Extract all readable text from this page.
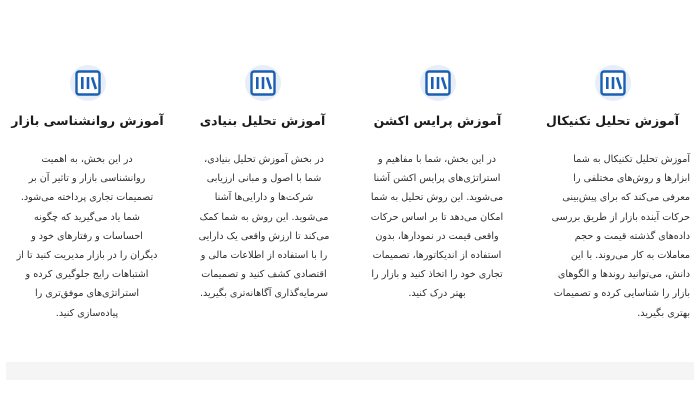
آموزش تحلیل تکنیکال
آموزش تحلیل تکنیکال به شما
ابزارها و روش‌های مختلفی را
معرفی می‌کند که برای پیش‌بینی
حرکات آینده بازار از طریق بررسی
داده‌های گذشته قیمت و حجم
معاملات به کار می‌روند. با این
دانش، می‌توانید روندها و الگوهای
بازار را شناسایی کرده و تصمیمات
بهتری بگیرید.
آموزش پرایس اکشن
در این بخش، شما با مفاهیم و
استراتژی‌های پرایس اکشن آشنا
می‌شوید. این روش تحلیل به شما
امکان می‌دهد تا بر اساس حرکات
واقعی قیمت در نمودارها، بدون
استفاده از اندیکاتورها، تصمیمات
تجاری خود را اتخاذ کنید و بازار را
بهتر درک کنید.
آموزش تحلیل بنیادی
در بخش آموزش تحلیل بنیادی،
شما با اصول و مبانی ارزیابی
شرکت‌ها و دارایی‌ها آشنا
می‌شوید. این روش به شما کمک
می‌کند تا ارزش واقعی یک دارایی
را با استفاده از اطلاعات مالی و
اقتصادی کشف کنید و تصمیمات
سرمایه‌گذاری آگاهانه‌تری بگیرید.
آموزش روانشناسی بازار
در این بخش، به اهمیت
روانشناسی بازار و تاثیر آن بر
تصمیمات تجاری پرداخته می‌شود.
شما یاد می‌گیرید که چگونه
احساسات و رفتارهای خود و
دیگران را در بازار مدیریت کنید تا از
اشتباهات رایج جلوگیری کرده و
استراتژی‌های موفق‌تری را
پیاده‌سازی کنید.
